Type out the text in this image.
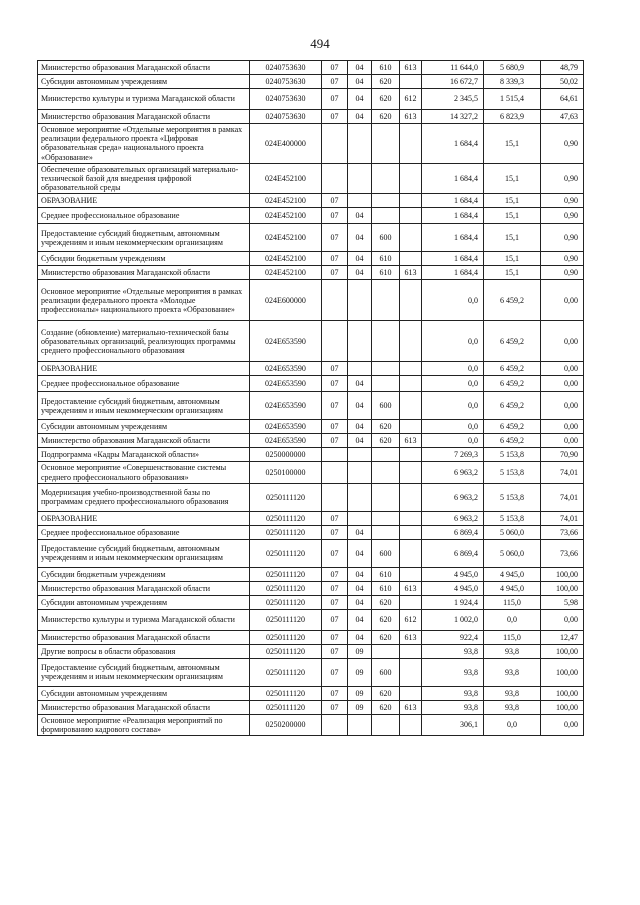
494
Министерство образования Магаданской области	0240753630	07	04	610	613	11 644,0	5 680,9	48,79
Субсидии автономным учреждениям	0240753630	07	04	620		16 672,7	8 339,3	50,02
Министерство культуры и туризма Магаданской области	0240753630	07	04	620	612	2 345,5	1 515,4	64,61
Министерство образования Магаданской области	0240753630	07	04	620	613	14 327,2	6 823,9	47,63
Основное мероприятие «Отдельные мероприятия в рамках реализации федерального проекта «Цифровая образовательная среда» национального проекта «Образование»	024E400000					1 684,4	15,1	0,90
Обеспечение образовательных организаций материально-технической базой для внедрения цифровой образовательной среды	024E452100					1 684,4	15,1	0,90
ОБРАЗОВАНИЕ	024E452100	07				1 684,4	15,1	0,90
Среднее профессиональное образование	024E452100	07	04			1 684,4	15,1	0,90
Предоставление субсидий бюджетным, автономным учреждениям и иным некоммерческим организациям	024E452100	07	04	600		1 684,4	15,1	0,90
Субсидии бюджетным учреждениям	024E452100	07	04	610		1 684,4	15,1	0,90
Министерство образования Магаданской области	024E452100	07	04	610	613	1 684,4	15,1	0,90
Основное мероприятие «Отдельные мероприятия в рамках реализации федерального проекта «Молодые профессионалы» национального проекта «Образование»	024E600000					0,0	6 459,2	0,00
Создание (обновление) материально-технической базы образовательных организаций, реализующих программы среднего профессионального образования	024E653590					0,0	6 459,2	0,00
ОБРАЗОВАНИЕ	024E653590	07				0,0	6 459,2	0,00
Среднее профессиональное образование	024E653590	07	04			0,0	6 459,2	0,00
Предоставление субсидий бюджетным, автономным учреждениям и иным некоммерческим организациям	024E653590	07	04	600		0,0	6 459,2	0,00
Субсидии автономным учреждениям	024E653590	07	04	620		0,0	6 459,2	0,00
Министерство образования Магаданской области	024E653590	07	04	620	613	0,0	6 459,2	0,00
Подпрограмма «Кадры Магаданской области»	0250000000					7 269,3	5 153,8	70,90
Основное мероприятие «Совершенствование системы среднего профессионального образования»	0250100000					6 963,2	5 153,8	74,01
Модернизация учебно-производственной базы по программам среднего профессионального образования	0250111120					6 963,2	5 153,8	74,01
ОБРАЗОВАНИЕ	0250111120	07				6 963,2	5 153,8	74,01
Среднее профессиональное образование	0250111120	07	04			6 869,4	5 060,0	73,66
Предоставление субсидий бюджетным, автономным учреждениям и иным некоммерческим организациям	0250111120	07	04	600		6 869,4	5 060,0	73,66
Субсидии бюджетным учреждениям	0250111120	07	04	610		4 945,0	4 945,0	100,00
Министерство образования Магаданской области	0250111120	07	04	610	613	4 945,0	4 945,0	100,00
Субсидии автономным учреждениям	0250111120	07	04	620		1 924,4	115,0	5,98
Министерство культуры и туризма Магаданской области	0250111120	07	04	620	612	1 002,0	0,0	0,00
Министерство образования Магаданской области	0250111120	07	04	620	613	922,4	115,0	12,47
Другие вопросы в области образования	0250111120	07	09			93,8	93,8	100,00
Предоставление субсидий бюджетным, автономным учреждениям и иным некоммерческим организациям	0250111120	07	09	600		93,8	93,8	100,00
Субсидии автономным учреждениям	0250111120	07	09	620		93,8	93,8	100,00
Министерство образования Магаданской области	0250111120	07	09	620	613	93,8	93,8	100,00
Основное мероприятие «Реализация мероприятий по формированию кадрового состава»	0250200000					306,1	0,0	0,00
